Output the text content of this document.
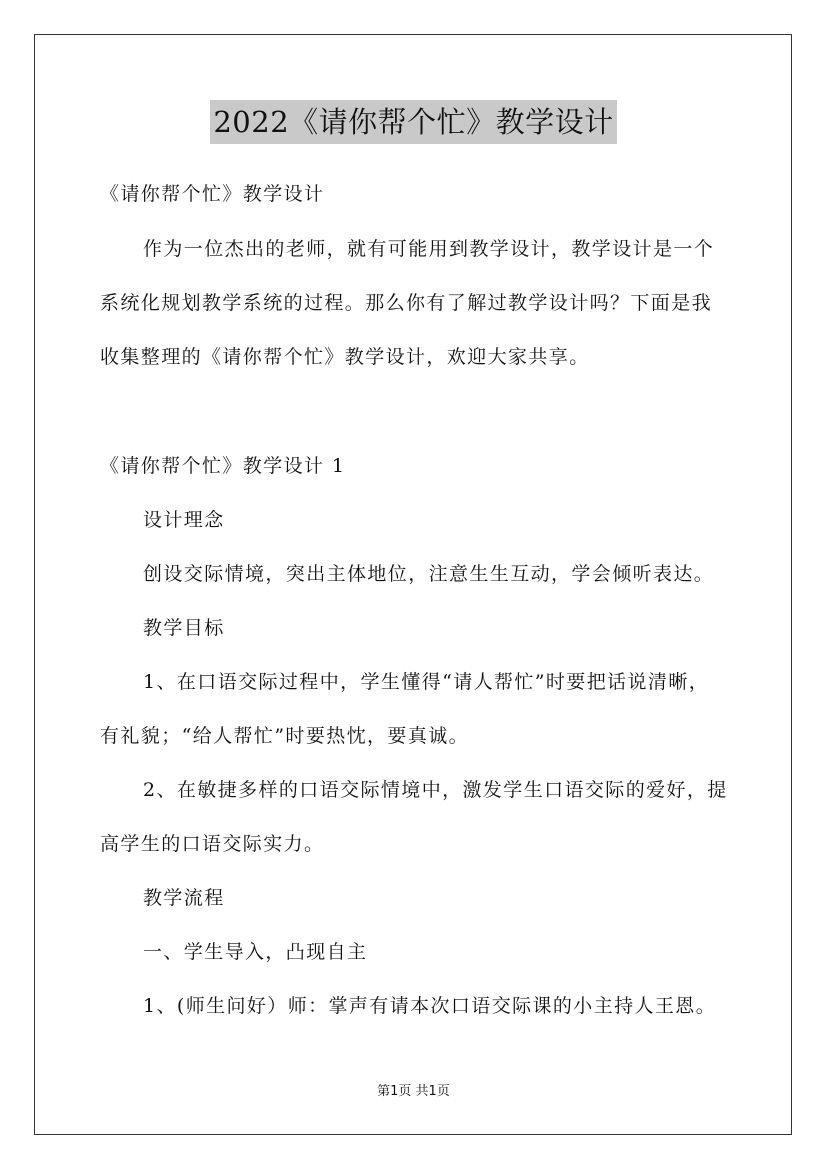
2022《请你帮个忙》教学设计
《请你帮个忙》教学设计
作为一位杰出的老师，就有可能用到教学设计，教学设计是一个
系统化规划教学系统的过程。那么你有了解过教学设计吗？下面是我
收集整理的《请你帮个忙》教学设计，欢迎大家共享。
《请你帮个忙》教学设计 1
设计理念
创设交际情境，突出主体地位，注意生生互动，学会倾听表达。
教学目标
1、在口语交际过程中，学生懂得“请人帮忙”时要把话说清晰，
有礼貌；“给人帮忙”时要热忱，要真诚。
2、在敏捷多样的口语交际情境中，激发学生口语交际的爱好，提
高学生的口语交际实力。
教学流程
一、学生导入，凸现自主
1、(师生问好）师：掌声有请本次口语交际课的小主持人王恩。
第1页 共1页
